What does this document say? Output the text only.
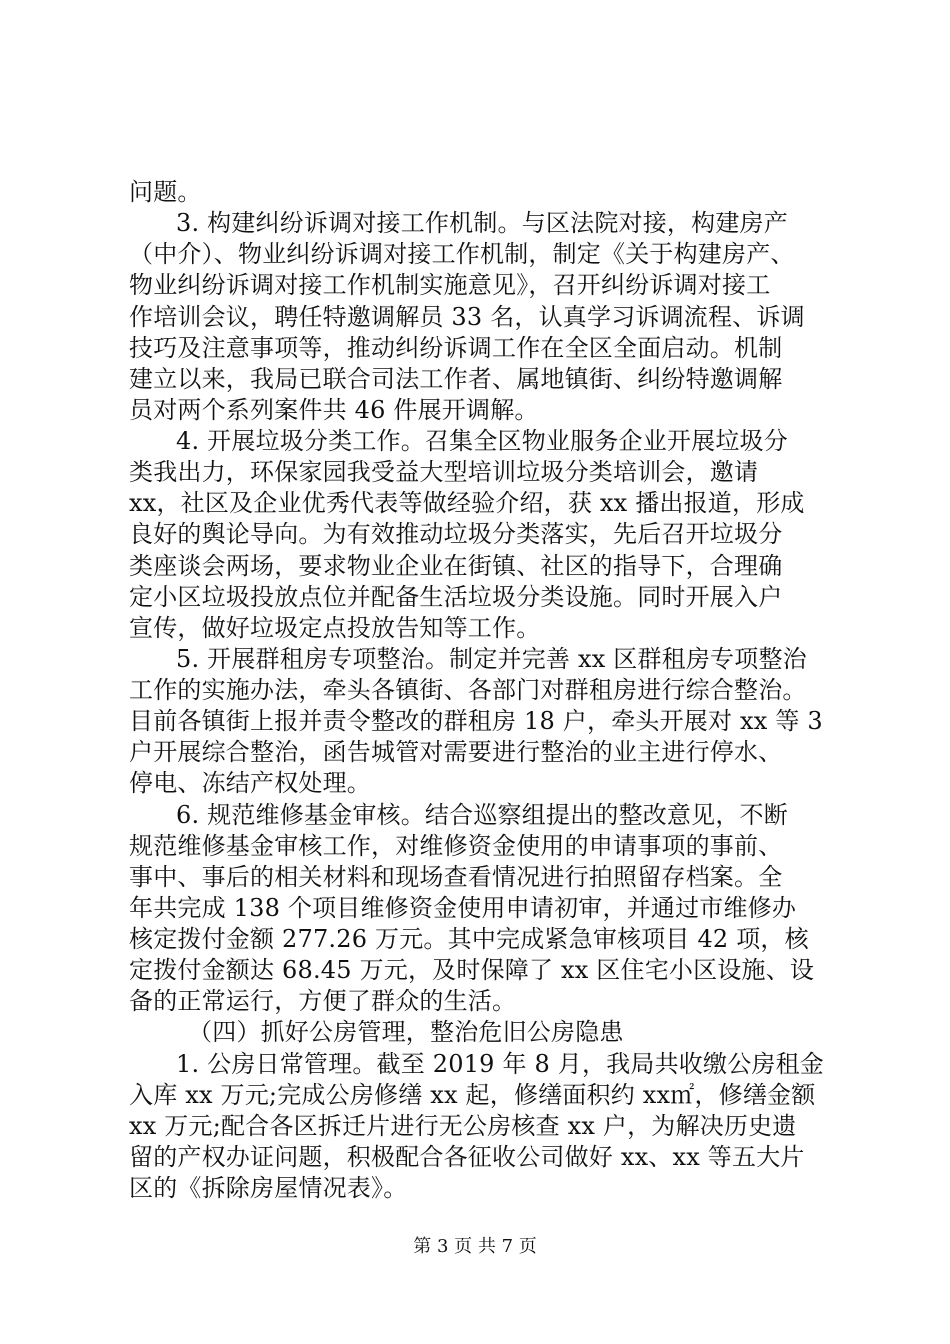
问题。
3. 构建纠纷诉调对接工作机制。与区法院对接，构建房产
（中介）、物业纠纷诉调对接工作机制，制定《关于构建房产、
物业纠纷诉调对接工作机制实施意见》，召开纠纷诉调对接工
作培训会议，聘任特邀调解员 33 名，认真学习诉调流程、诉调
技巧及注意事项等，推动纠纷诉调工作在全区全面启动。机制
建立以来，我局已联合司法工作者、属地镇街、纠纷特邀调解
员对两个系列案件共 46 件展开调解。
4. 开展垃圾分类工作。召集全区物业服务企业开展垃圾分
类我出力，环保家园我受益大型培训垃圾分类培训会，邀请
xx，社区及企业优秀代表等做经验介绍，获 xx 播出报道，形成
良好的舆论导向。为有效推动垃圾分类落实，先后召开垃圾分
类座谈会两场，要求物业企业在街镇、社区的指导下，合理确
定小区垃圾投放点位并配备生活垃圾分类设施。同时开展入户
宣传，做好垃圾定点投放告知等工作。
5. 开展群租房专项整治。制定并完善 xx 区群租房专项整治
工作的实施办法，牵头各镇街、各部门对群租房进行综合整治。
目前各镇街上报并责令整改的群租房 18 户，牵头开展对 xx 等 3
户开展综合整治，函告城管对需要进行整治的业主进行停水、
停电、冻结产权处理。
6. 规范维修基金审核。结合巡察组提出的整改意见，不断
规范维修基金审核工作，对维修资金使用的申请事项的事前、
事中、事后的相关材料和现场查看情况进行拍照留存档案。全
年共完成 138 个项目维修资金使用申请初审，并通过市维修办
核定拨付金额 277.26 万元。其中完成紧急审核项目 42 项，核
定拨付金额达 68.45 万元，及时保障了 xx 区住宅小区设施、设
备的正常运行，方便了群众的生活。
（四）抓好公房管理，整治危旧公房隐患
1. 公房日常管理。截至 2019 年 8 月，我局共收缴公房租金
入库 xx 万元;完成公房修缮 xx 起，修缮面积约 xx㎡，修缮金额
xx 万元;配合各区拆迁片进行无公房核查 xx 户，为解决历史遗
留的产权办证问题，积极配合各征收公司做好 xx、xx 等五大片
区的《拆除房屋情况表》。
第 3 页 共 7 页
